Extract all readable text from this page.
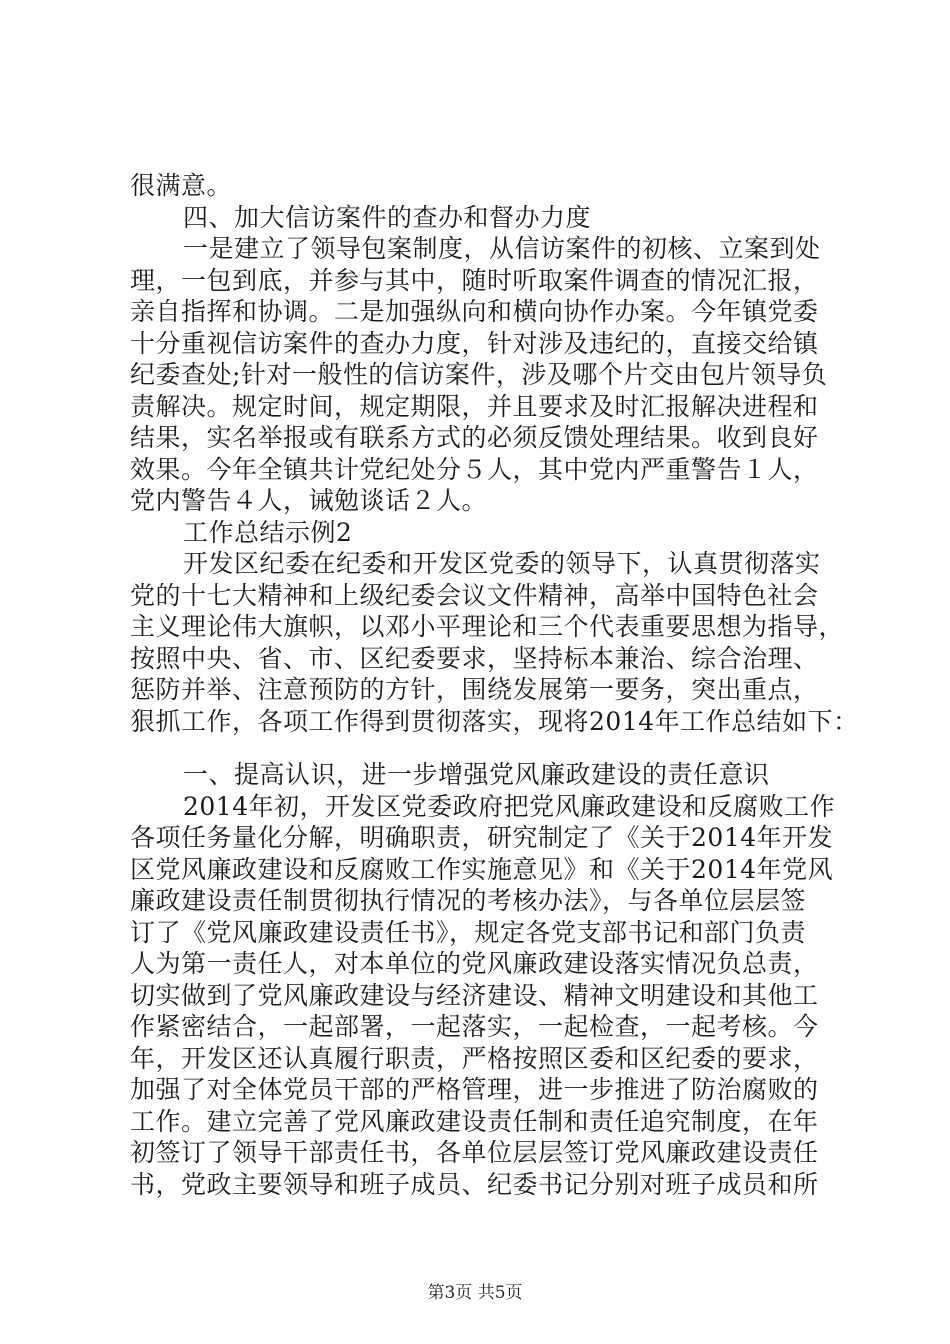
很满意。
四、加大信访案件的查办和督办力度
一是建立了领导包案制度，从信访案件的初核、立案到处
理，一包到底，并参与其中，随时听取案件调查的情况汇报，
亲自指挥和协调。二是加强纵向和横向协作办案。今年镇党委
十分重视信访案件的查办力度，针对涉及违纪的，直接交给镇
纪委查处;针对一般性的信访案件，涉及哪个片交由包片领导负
责解决。规定时间，规定期限，并且要求及时汇报解决进程和
结果，实名举报或有联系方式的必须反馈处理结果。收到良好
效果。今年全镇共计党纪处分５人，其中党内严重警告１人，
党内警告４人，诫勉谈话２人。
工作总结示例2
开发区纪委在纪委和开发区党委的领导下，认真贯彻落实
党的十七大精神和上级纪委会议文件精神，高举中国特色社会
主义理论伟大旗帜，以邓小平理论和三个代表重要思想为指导，
按照中央、省、市、区纪委要求，坚持标本兼治、综合治理、
惩防并举、注意预防的方针，围绕发展第一要务，突出重点，
狠抓工作，各项工作得到贯彻落实，现将2014年工作总结如下：
一、提高认识，进一步增强党风廉政建设的责任意识
2014年初，开发区党委政府把党风廉政建设和反腐败工作
各项任务量化分解，明确职责，研究制定了《关于2014年开发
区党风廉政建设和反腐败工作实施意见》和《关于2014年党风
廉政建设责任制贯彻执行情况的考核办法》，与各单位层层签
订了《党风廉政建设责任书》，规定各党支部书记和部门负责
人为第一责任人，对本单位的党风廉政建设落实情况负总责，
切实做到了党风廉政建设与经济建设、精神文明建设和其他工
作紧密结合，一起部署，一起落实，一起检查，一起考核。今
年，开发区还认真履行职责，严格按照区委和区纪委的要求，
加强了对全体党员干部的严格管理，进一步推进了防治腐败的
工作。建立完善了党风廉政建设责任制和责任追究制度，在年
初签订了领导干部责任书，各单位层层签订党风廉政建设责任
书，党政主要领导和班子成员、纪委书记分别对班子成员和所
第3页 共5页
